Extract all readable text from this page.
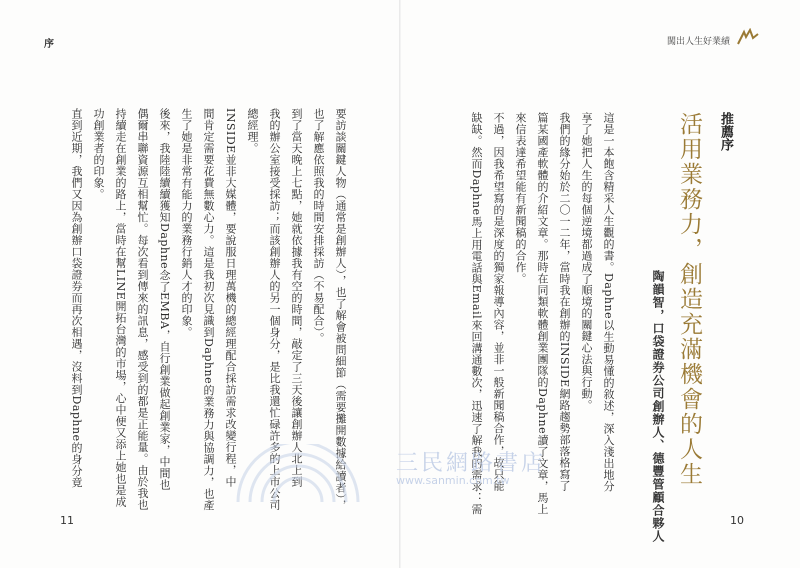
序	闖出人生好業績
推薦序
活用業務力，創造充滿機會的人生
陶韻智，口袋證券公司創辦人、德豐管顧合夥人
這是一本飽含精采人生觀的書。Daphne以生動易懂的敘述，深入淺出地分
享了她把人生的每個逆境都過成了順境的關鍵心法與行動。
我們的緣分始於二〇一二年，當時我在創辦的INSIDE網路趨勢部落格寫了
篇某國產軟體的介紹文章。那時在同類軟體創業團隊的Daphne讀了文章，馬上
來信表達希望能有新聞稿的合作。
不過，因我希望寫的是深度的獨家報導內容，並非一般新聞稿合作，故只能
缺缺。然而Daphne馬上用電話與Email來回溝通數次，迅速了解我的需求：需
要訪談關鍵人物（通常是創辦人），也了解會被問細節（需要攤開數據給讀者），
也了解應依照我的時間安排採訪（不易配合）。
到了當天晚上七點，她就依據我有空的時間，敲定了三天後讓創辦人北上到
我的辦公室接受採訪；而該創辦人的另一個身分，是比我還忙碌許多的上市公司
總經理。
INSIDE並非大媒體，要說服日理萬機的總經理配合採訪需求改變行程，中
間肯定需要花費無數心力。這是我初次見識到Daphne的業務力與協調力，也產
生了她是非常有能力的業務行銷人才的印象。
後來，我陸陸續續獲知Daphne念了EMBA，自行創業做起創業家，中間也
偶爾串聯資源互相幫忙。每次看到傳來的訊息，感受到的都是正能量。由於我也
持續走在創業的路上，當時在幫LINE開拓台灣的市場，心中便又添上她也是成
功創業者的印象。
直到近期，我們又因為創辦口袋證券而再次相遇，沒料到Daphne的身分竟	三民網路書店
www.sanmin.com.tw
11	10
